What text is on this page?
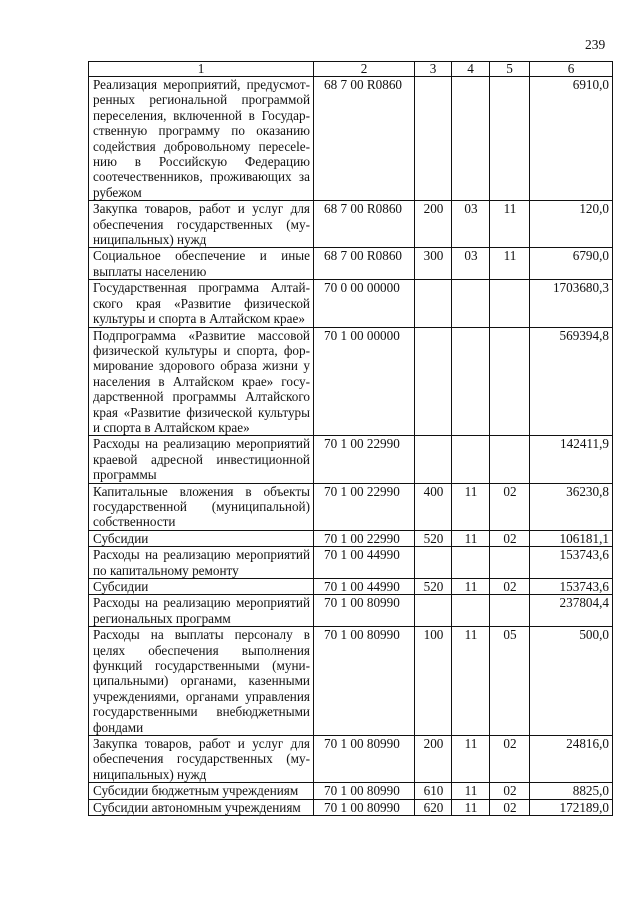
239
1	2	3	4	5	6
Реализация мероприятий, предусмотренных региональной программой переселения, включенной в Государственную программу по оказанию содействия добровольному пересeleнию в Российскую Федерацию соотечественников, проживающих за рубежом	68 7 00 R0860				6910,0
Закупка товаров, работ и услуг для обеспечения государственных (муниципальных) нужд	68 7 00 R0860	200	03	11	120,0
Социальное обеспечение и иные выплаты населению	68 7 00 R0860	300	03	11	6790,0
Государственная программа Алтайского края «Развитие физической культуры и спорта в Алтайском крае»	70 0 00 00000				1703680,3
Подпрограмма «Развитие массовой физической культуры и спорта, формирование здорового образа жизни у населения в Алтайском крае» государственной программы Алтайского края «Развитие физической культуры и спорта в Алтайском крае»	70 1 00 00000				569394,8
Расходы на реализацию мероприятий краевой адресной инвестиционной программы	70 1 00 22990				142411,9
Капитальные вложения в объекты государственной (муниципальной) собственности	70 1 00 22990	400	11	02	36230,8
Субсидии	70 1 00 22990	520	11	02	106181,1
Расходы на реализацию мероприятий по капитальному ремонту	70 1 00 44990				153743,6
Субсидии	70 1 00 44990	520	11	02	153743,6
Расходы на реализацию мероприятий региональных программ	70 1 00 80990				237804,4
Расходы на выплаты персоналу в целях обеспечения выполнения функций государственными (муниципальными) органами, казенными учреждениями, органами управления государственными внебюджетными фондами	70 1 00 80990	100	11	05	500,0
Закупка товаров, работ и услуг для обеспечения государственных (муниципальных) нужд	70 1 00 80990	200	11	02	24816,0
Субсидии бюджетным учреждениям	70 1 00 80990	610	11	02	8825,0
Субсидии автономным учреждениям	70 1 00 80990	620	11	02	172189,0
